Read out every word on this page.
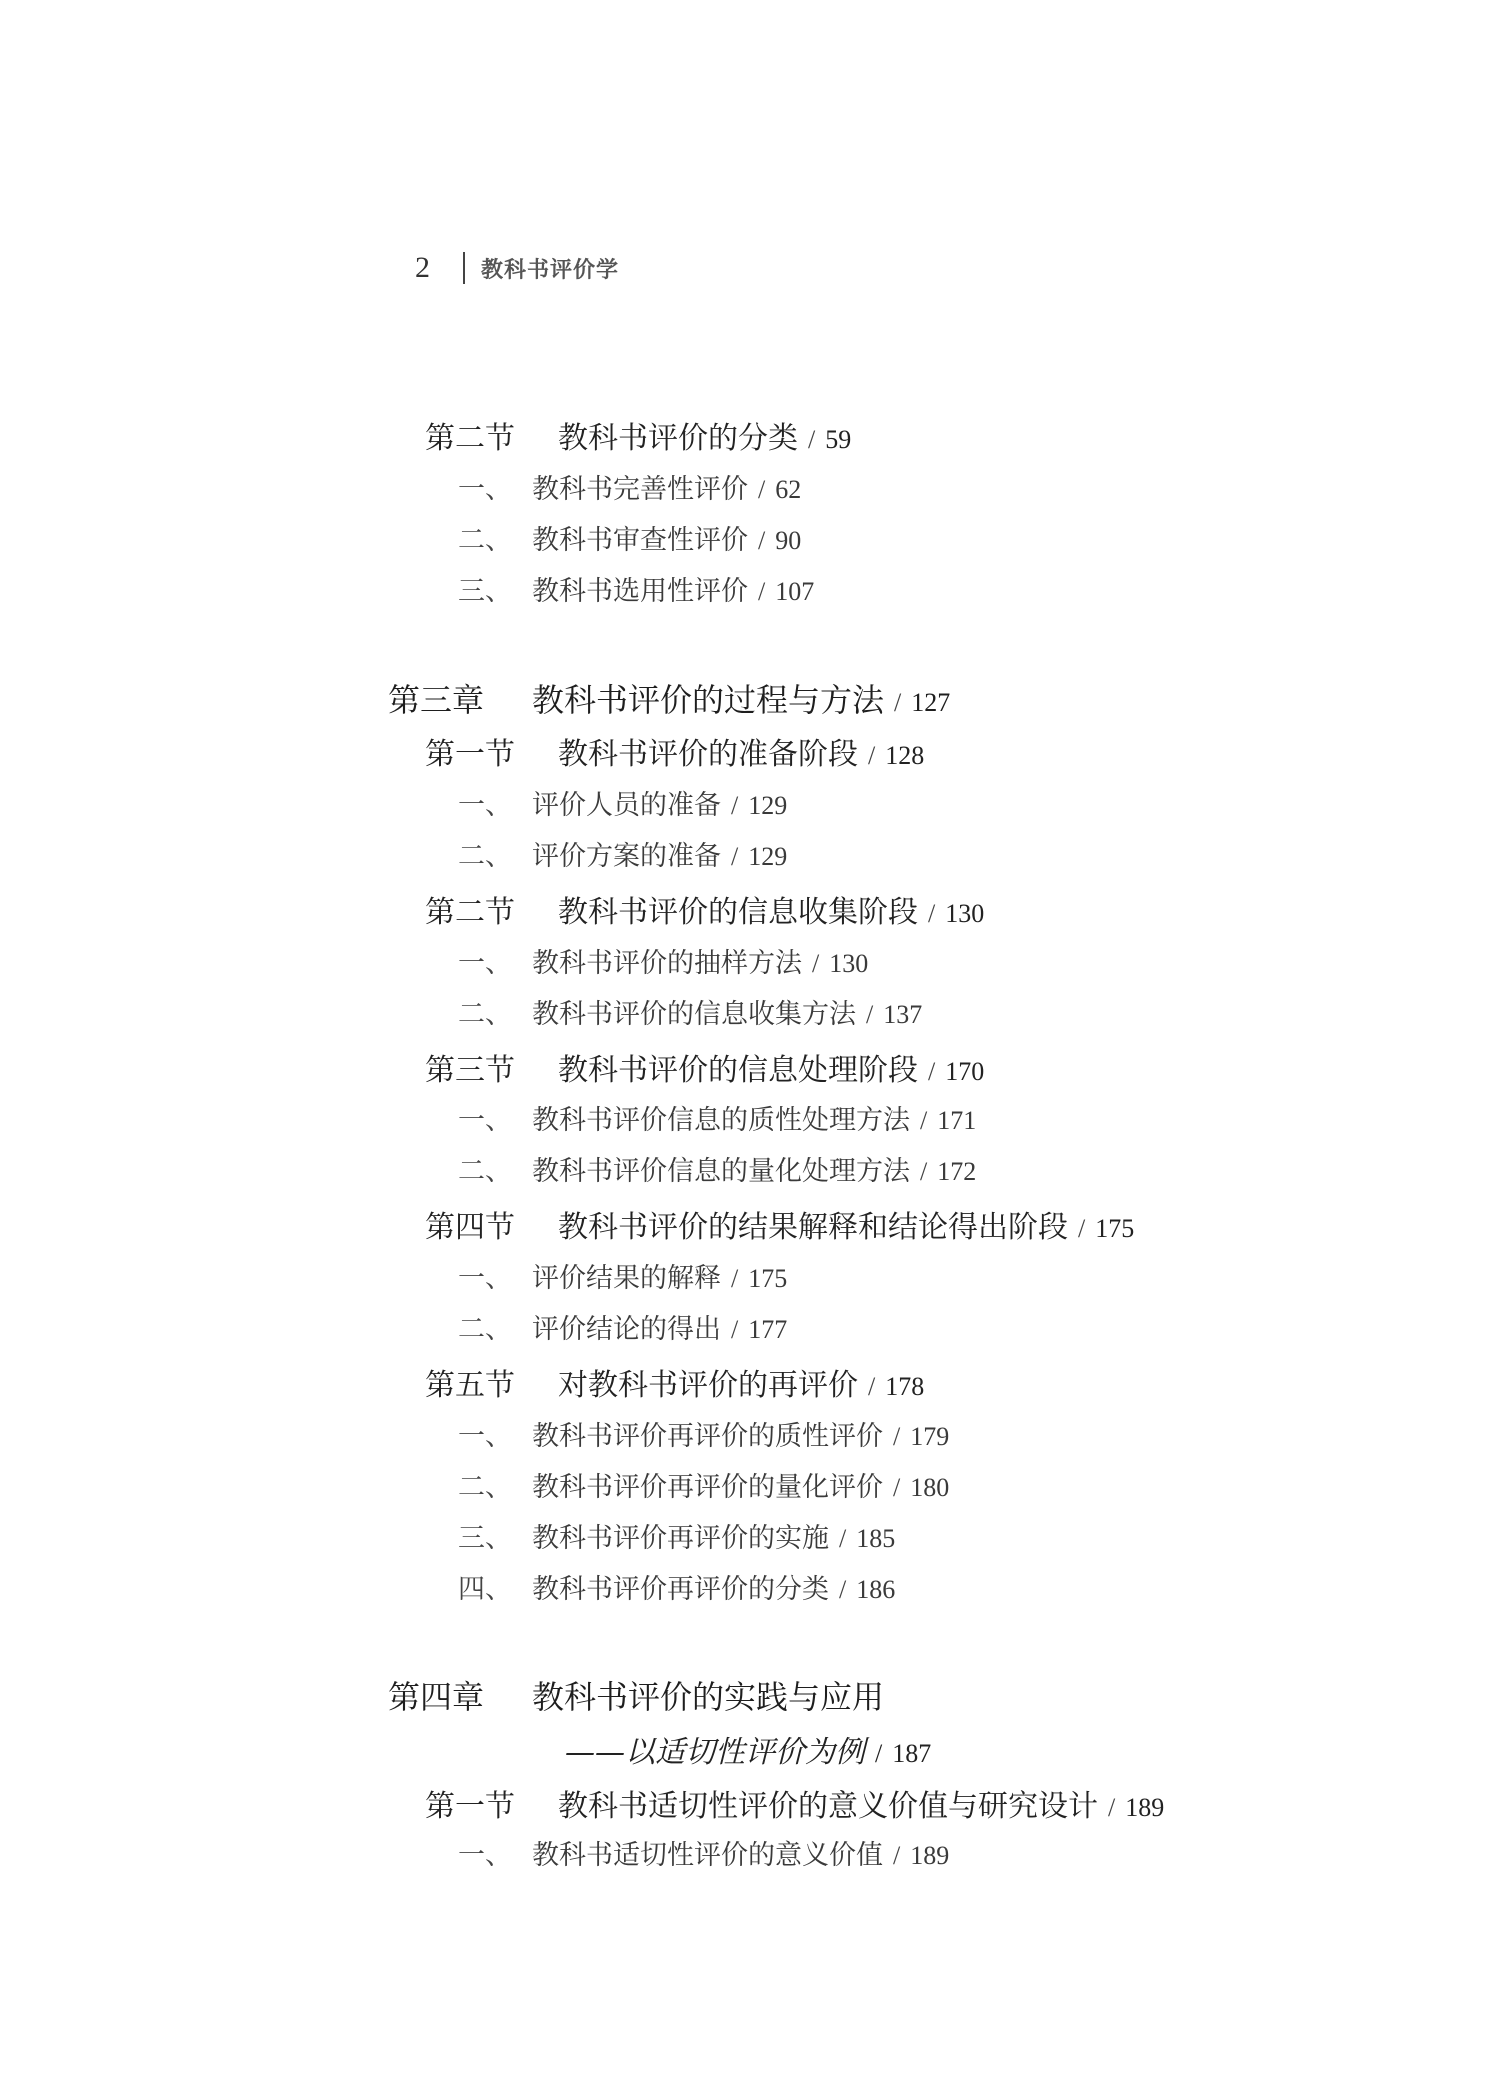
2	教科书评价学
第二节	教科书评价的分类 / 59
一、 教科书完善性评价 / 62
二、 教科书审查性评价 / 90
三、 教科书选用性评价 / 107
第三章	教科书评价的过程与方法 / 127
第一节	教科书评价的准备阶段 / 128
一、 评价人员的准备 / 129
二、 评价方案的准备 / 129
第二节	教科书评价的信息收集阶段 / 130
一、 教科书评价的抽样方法 / 130
二、 教科书评价的信息收集方法 / 137
第三节	教科书评价的信息处理阶段 / 170
一、 教科书评价信息的质性处理方法 / 171
二、 教科书评价信息的量化处理方法 / 172
第四节	教科书评价的结果解释和结论得出阶段 / 175
一、 评价结果的解释 / 175
二、 评价结论的得出 / 177
第五节	对教科书评价的再评价 / 178
一、 教科书评价再评价的质性评价 / 179
二、 教科书评价再评价的量化评价 / 180
三、 教科书评价再评价的实施 / 185
四、 教科书评价再评价的分类 / 186
第四章	教科书评价的实践与应用
——以适切性评价为例 / 187
第一节	教科书适切性评价的意义价值与研究设计 / 189
一、 教科书适切性评价的意义价值 / 189
